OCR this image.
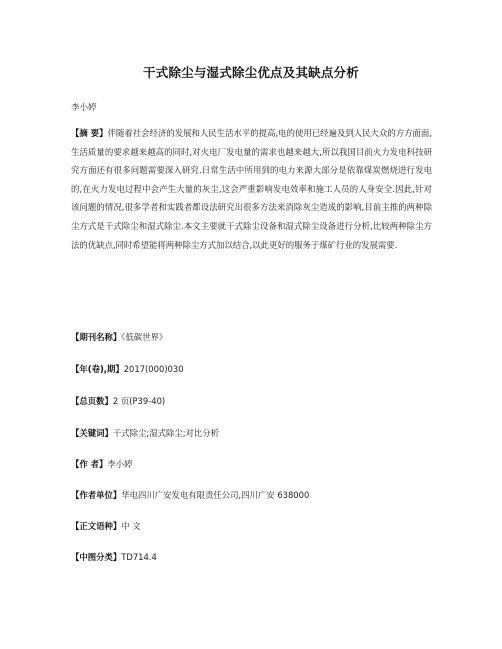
干式除尘与湿式除尘优点及其缺点分析
李小婷
【摘 要】伴随着社会经济的发展和人民生活水平的提高,电的使用已经遍及到人民大众的方方面面,生活质量的要求越来越高的同时,对火电厂发电量的需求也越来越大,所以我国目前火力发电科技研究方面还有很多问题需要深入研究.日常生活中所用到的电力来源大部分是依靠煤炭燃烧进行发电的,在火力发电过程中会产生大量的灰尘,这会严重影响发电效率和施工人员的人身安全.因此,针对该问题的情况,很多学者和实践者都设法研究出很多方法来消除灰尘造成的影响,目前主推的两种除尘方式是干式除尘和湿式除尘.本文主要就干式除尘设备和湿式除尘设备进行分析,比较两种除尘方法的优缺点,同时希望能将两种除尘方式加以结合,以此更好的服务于煤矿行业的发展需要.
【期刊名称】《低碳世界》
【年(卷),期】2017(000)030
【总页数】2 页(P39-40)
【关键词】干式除尘;湿式除尘;对比分析
【作 者】李小婷
【作者单位】华电四川广安发电有限责任公司,四川广安 638000
【正文语种】中 文
【中图分类】TD714.4
